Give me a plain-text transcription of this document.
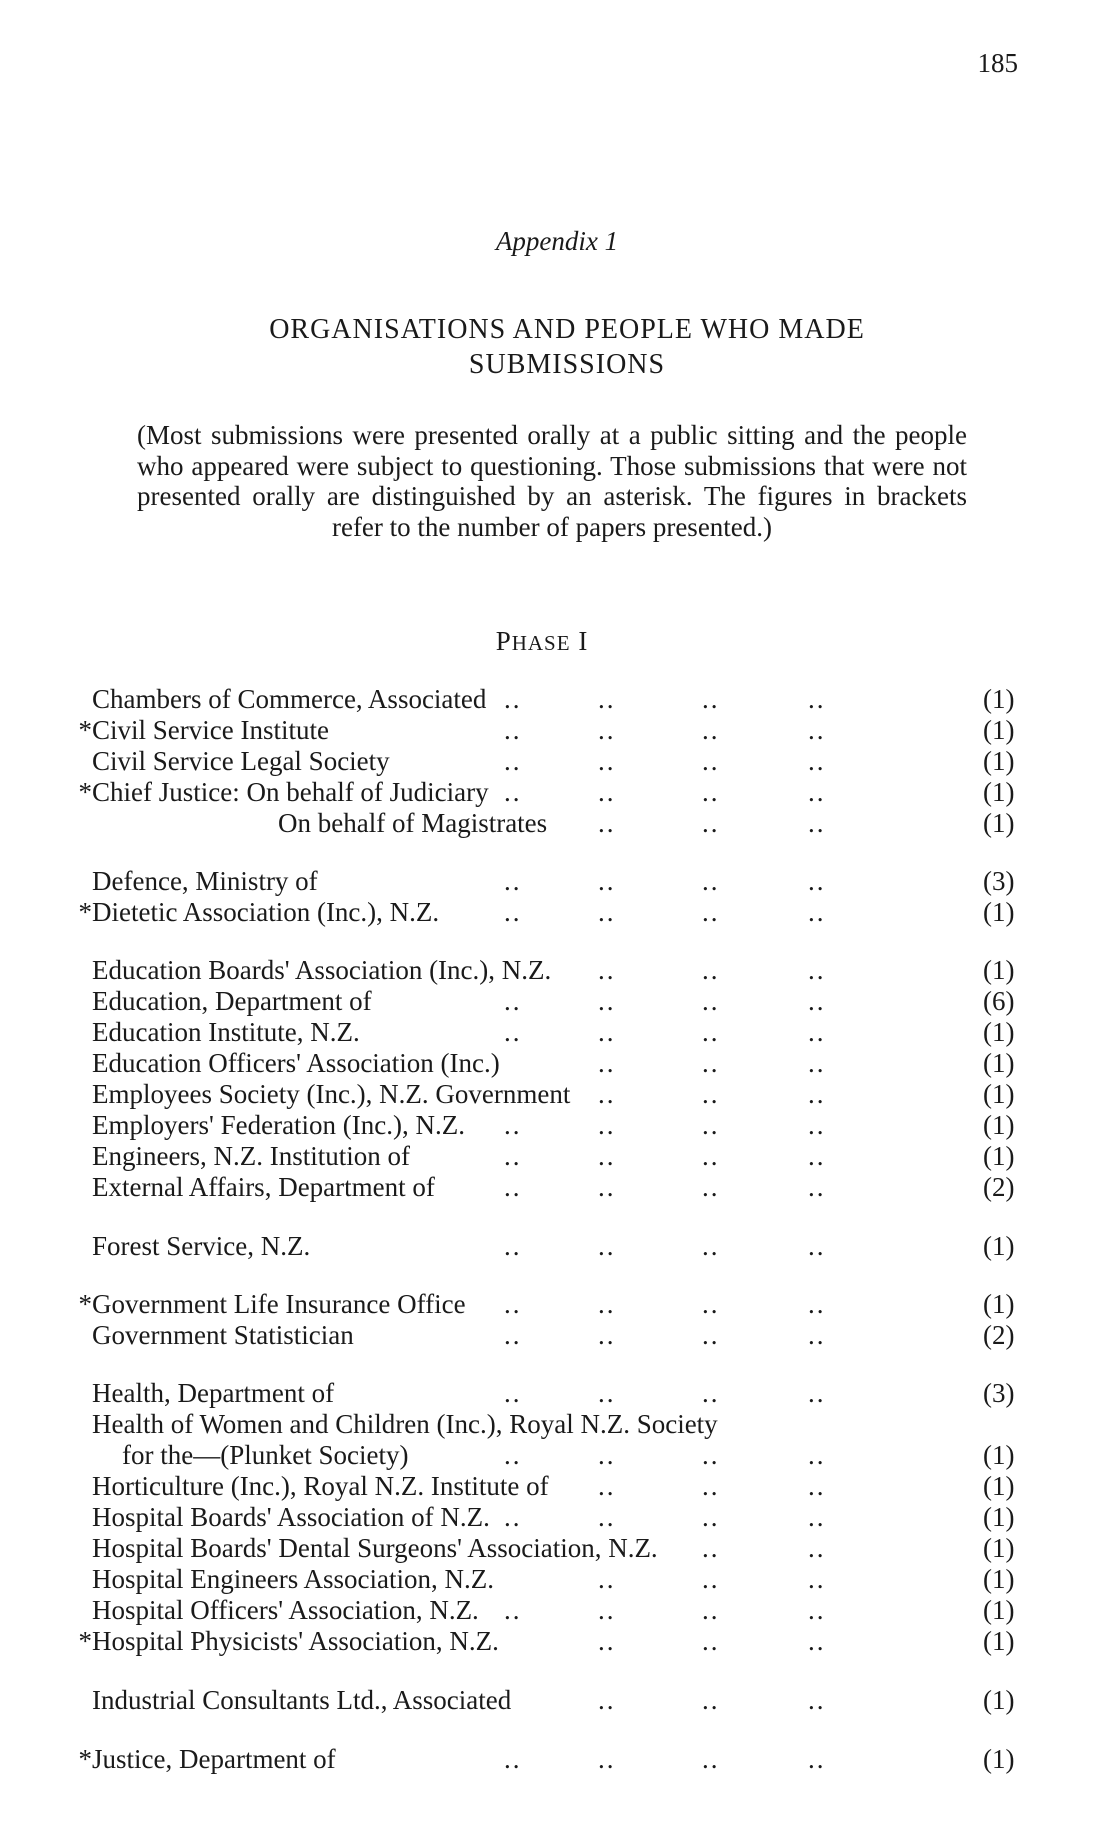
185
Appendix 1
ORGANISATIONS AND PEOPLE WHO MADE
SUBMISSIONS
(Most submissions were presented orally at a public sitting and the people who appeared were subject to questioning. Those submissions that were not presented orally are distinguished by an asterisk. The figures in brackets refer to the number of papers presented.)
PHASE I
Chambers of Commerce, Associated ..	..	..	..	(1)
* Civil Service Institute	..	..	..	..	(1)
Civil Service Legal Society	..	..	..	..	(1)
* Chief Justice: On behalf of Judiciary ..	..	..	..	(1)
On behalf of Magistrates ..	..	..	(1)
Defence, Ministry of	..	..	..	..	(3)
* Dietetic Association (Inc.), N.Z. ..	..	..	..	(1)
Education Boards' Association (Inc.), N.Z. ..	..	..	(1)
Education, Department of	..	..	..	..	(6)
Education Institute, N.Z.	..	..	..	..	(1)
Education Officers' Association (Inc.)	..	..	..	(1)
Employees Society (Inc.), N.Z. Government ..	..	..	(1)
Employers' Federation (Inc.), N.Z. ..	..	..	..	(1)
Engineers, N.Z. Institution of	..	..	..	..	(1)
External Affairs, Department of	..	..	..	..	(2)
Forest Service, N.Z.	..	..	..	..	(1)
* Government Life Insurance Office ..	..	..	..	(1)
Government Statistician	..	..	..	..	(2)
Health, Department of	..	..	..	..	(3)
Health of Women and Children (Inc.), Royal N.Z. Society
for the—(Plunket Society)	..	..	..	..	(1)
Horticulture (Inc.), Royal N.Z. Institute of ..	..	..	(1)
Hospital Boards' Association of N.Z. ..	..	..	..	(1)
Hospital Boards' Dental Surgeons' Association, N.Z. ..	..	(1)
Hospital Engineers Association, N.Z.	..	..	..	(1)
Hospital Officers' Association, N.Z. ..	..	..	..	(1)
* Hospital Physicists' Association, N.Z.	..	..	..	(1)
Industrial Consultants Ltd., Associated	..	..	..	(1)
* Justice, Department of	..	..	..	..	(1)
